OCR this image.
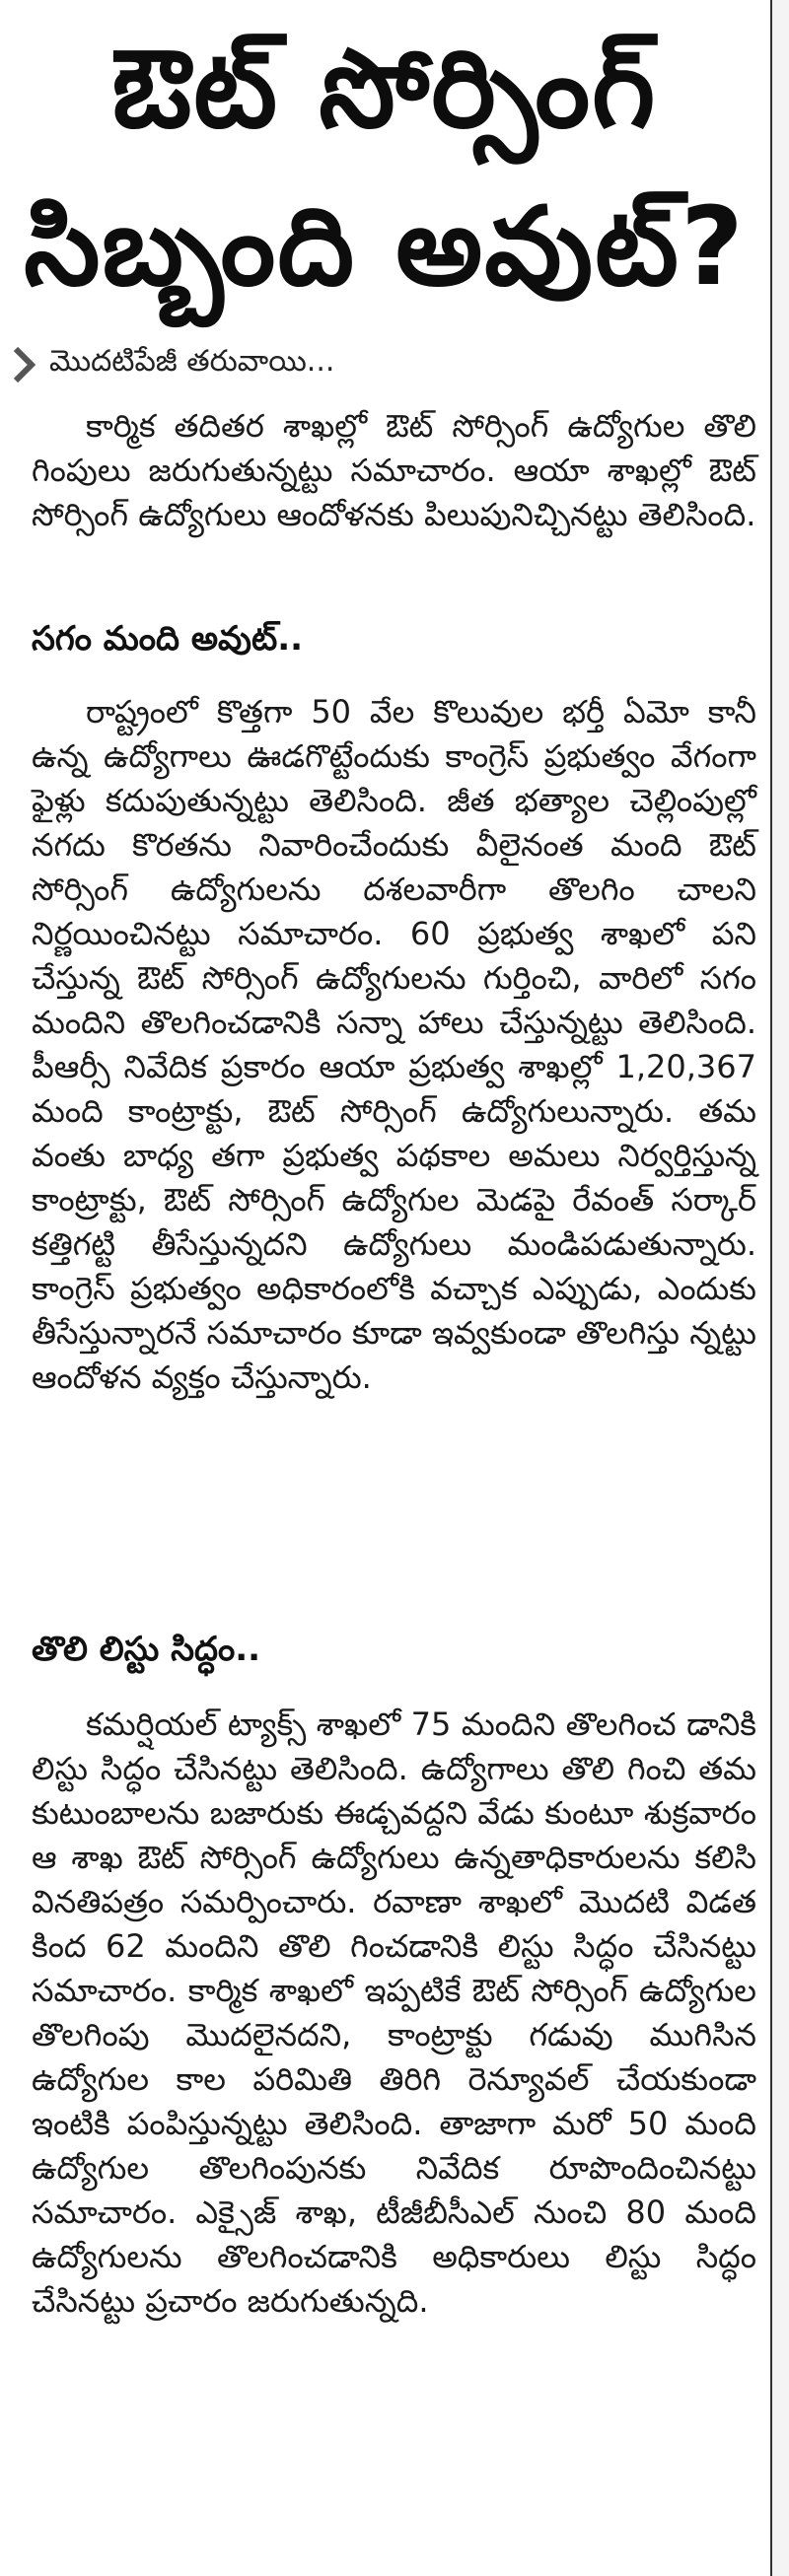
ఔట్ సోర్సింగ్
సిబ్బంది అవుట్?
మొదటిపేజీ తరువాయి...

కార్మిక తదితర శాఖల్లో ఔట్ సోర్సింగ్ ఉద్యోగుల తొలి గింపులు జరుగుతున్నట్టు సమాచారం. ఆయా శాఖల్లో ఔట్ సోర్సింగ్ ఉద్యోగులు ఆందోళనకు పిలుపునిచ్చినట్టు తెలిసింది.

సగం మంది అవుట్..

రాష్ట్రంలో కొత్తగా 50 వేల కొలువుల భర్తీ ఏమో కానీ ఉన్న ఉద్యోగాలు ఊడగొట్టేందుకు కాంగ్రెస్ ప్రభుత్వం వేగంగా ఫైళ్లు కదుపుతున్నట్టు తెలిసింది. జీత భత్యాల చెల్లింపుల్లో నగదు కొరతను నివారించేందుకు వీలైనంత మంది ఔట్ సోర్సింగ్ ఉద్యోగులను దశలవారీగా తొలగిం చాలని నిర్ణయించినట్టు సమాచారం. 60 ప్రభుత్వ శాఖలో పని చేస్తున్న ఔట్ సోర్సింగ్ ఉద్యోగులను గుర్తించి, వారిలో సగం మందిని తొలగించడానికి సన్నా హాలు చేస్తున్నట్టు తెలిసింది. పీఆర్సీ నివేదిక ప్రకారం ఆయా ప్రభుత్వ శాఖల్లో 1,20,367 మంది కాంట్రాక్టు, ఔట్ సోర్సింగ్ ఉద్యోగులున్నారు. తమ వంతు బాధ్య తగా ప్రభుత్వ పథకాల అమలు నిర్వర్తిస్తున్న కాంట్రాక్టు, ఔట్ సోర్సింగ్ ఉద్యోగుల మెడపై రేవంత్ సర్కార్ కత్తిగట్టి తీసేస్తున్నదని ఉద్యోగులు మండిపడుతున్నారు. కాంగ్రెస్ ప్రభుత్వం అధికారంలోకి వచ్చాక ఎప్పుడు, ఎందుకు తీసేస్తున్నారనే సమాచారం కూడా ఇవ్వకుండా తొలగిస్తు న్నట్టు ఆందోళన వ్యక్తం చేస్తున్నారు.

తొలి లిస్టు సిద్ధం..

కమర్షియల్ ట్యాక్స్ శాఖలో 75 మందిని తొలగించ డానికి లిస్టు సిద్ధం చేసినట్టు తెలిసింది. ఉద్యోగాలు తొలి గించి తమ కుటుంబాలను బజారుకు ఈడ్చవద్దని వేడు కుంటూ శుక్రవారం ఆ శాఖ ఔట్ సోర్సింగ్ ఉద్యోగులు ఉన్నతాధికారులను కలిసి వినతిపత్రం సమర్పించారు. రవాణా శాఖలో మొదటి విడత కింద 62 మందిని తొలి గించడానికి లిస్టు సిద్ధం చేసినట్టు సమాచారం. కార్మిక శాఖలో ఇప్పటికే ఔట్ సోర్సింగ్ ఉద్యోగుల తొలగింపు మొదలైనదని, కాంట్రాక్టు గడువు ముగిసిన ఉద్యోగుల కాల పరిమితి తిరిగి రెన్యూవల్ చేయకుండా ఇంటికి పంపిస్తున్నట్టు తెలిసింది. తాజాగా మరో 50 మంది ఉద్యోగుల తొలగింపునకు నివేదిక రూపొందించినట్టు సమాచారం. ఎక్సైజ్ శాఖ, టీజీబీసీఎల్ నుంచి 80 మంది ఉద్యోగులను తొలగించడానికి అధికారులు లిస్టు సిద్ధం చేసినట్టు ప్రచారం జరుగుతున్నది.
